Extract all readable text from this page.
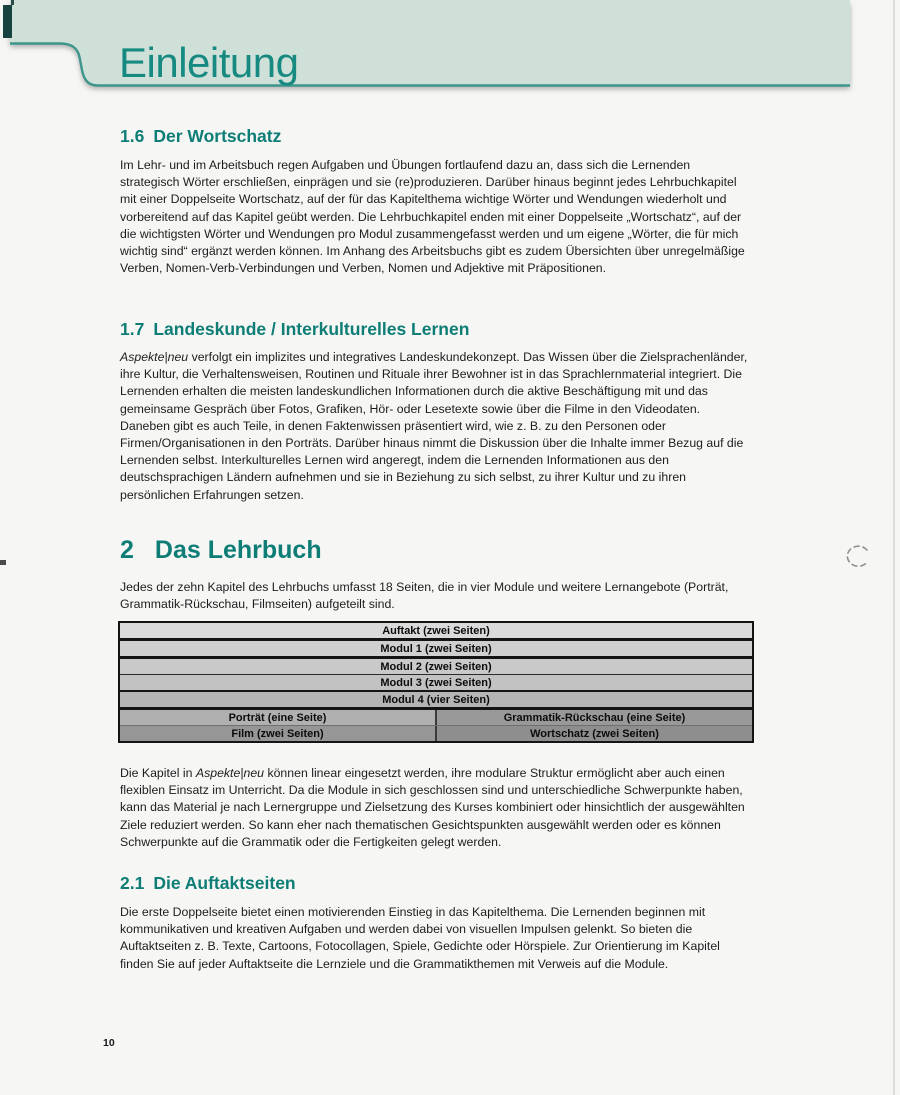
Einleitung
1.6 Der Wortschatz
Im Lehr- und im Arbeitsbuch regen Aufgaben und Übungen fortlaufend dazu an, dass sich die Lernenden strategisch Wörter erschließen, einprägen und sie (re)produzieren. Darüber hinaus beginnt jedes Lehrbuchkapitel mit einer Doppelseite Wortschatz, auf der für das Kapitelthema wichtige Wörter und Wendungen wiederholt und vorbereitend auf das Kapitel geübt werden. Die Lehrbuchkapitel enden mit einer Doppelseite „Wortschatz“, auf der die wichtigsten Wörter und Wendungen pro Modul zusammengefasst werden und um eigene „Wörter, die für mich wichtig sind“ ergänzt werden können. Im Anhang des Arbeitsbuchs gibt es zudem Übersichten über unregelmäßige Verben, Nomen-Verb-Verbindungen und Verben, Nomen und Adjektive mit Präpositionen.
1.7 Landeskunde / Interkulturelles Lernen
Aspekte|neu verfolgt ein implizites und integratives Landeskundekonzept. Das Wissen über die Zielsprachenländer, ihre Kultur, die Verhaltensweisen, Routinen und Rituale ihrer Bewohner ist in das Sprachlernmaterial integriert. Die Lernenden erhalten die meisten landeskundlichen Informationen durch die aktive Beschäftigung mit und das gemeinsame Gespräch über Fotos, Grafiken, Hör- oder Lesetexte sowie über die Filme in den Videodaten. Daneben gibt es auch Teile, in denen Faktenwissen präsentiert wird, wie z. B. zu den Personen oder Firmen/Organisationen in den Porträts. Darüber hinaus nimmt die Diskussion über die Inhalte immer Bezug auf die Lernenden selbst. Interkulturelles Lernen wird angeregt, indem die Lernenden Informationen aus den deutschsprachigen Ländern aufnehmen und sie in Beziehung zu sich selbst, zu ihrer Kultur und zu ihren persönlichen Erfahrungen setzen.
2 Das Lehrbuch
Jedes der zehn Kapitel des Lehrbuchs umfasst 18 Seiten, die in vier Module und weitere Lernangebote (Porträt, Grammatik-Rückschau, Filmseiten) aufgeteilt sind.
Auftakt (zwei Seiten)
Modul 1 (zwei Seiten)
Modul 2 (zwei Seiten)
Modul 3 (zwei Seiten)
Modul 4 (vier Seiten)
Porträt (eine Seite)	Grammatik-Rückschau (eine Seite)
Film (zwei Seiten)	Wortschatz (zwei Seiten)
Die Kapitel in Aspekte|neu können linear eingesetzt werden, ihre modulare Struktur ermöglicht aber auch einen flexiblen Einsatz im Unterricht. Da die Module in sich geschlossen sind und unterschiedliche Schwerpunkte haben, kann das Material je nach Lernergruppe und Zielsetzung des Kurses kombiniert oder hinsichtlich der ausgewählten Ziele reduziert werden. So kann eher nach thematischen Gesichtspunkten ausgewählt werden oder es können Schwerpunkte auf die Grammatik oder die Fertigkeiten gelegt werden.
2.1 Die Auftaktseiten
Die erste Doppelseite bietet einen motivierenden Einstieg in das Kapitelthema. Die Lernenden beginnen mit kommunikativen und kreativen Aufgaben und werden dabei von visuellen Impulsen gelenkt. So bieten die Auftaktseiten z. B. Texte, Cartoons, Fotocollagen, Spiele, Gedichte oder Hörspiele. Zur Orientierung im Kapitel finden Sie auf jeder Auftaktseite die Lernziele und die Grammatikthemen mit Verweis auf die Module.
10
